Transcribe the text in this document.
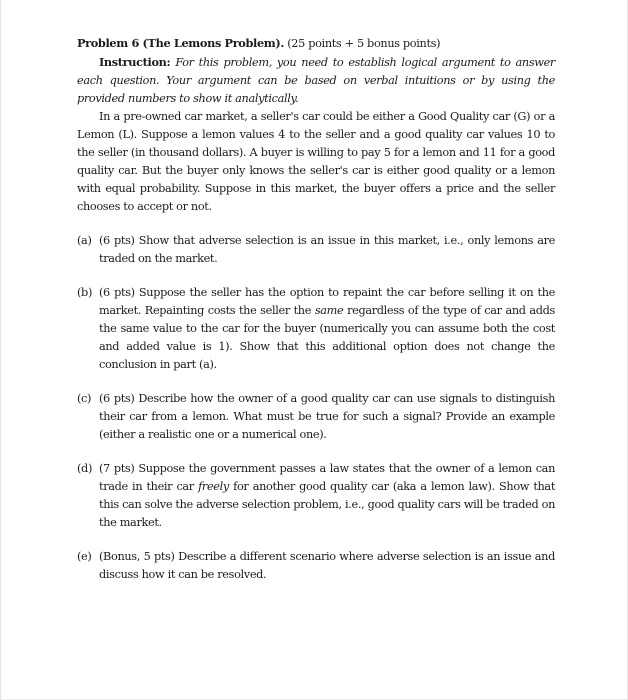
Problem 6 (The Lemons Problem). (25 points + 5 bonus points)

Instruction: For this problem, you need to establish logical argument to answer each question. Your argument can be based on verbal intuitions or by using the provided numbers to show it analytically.

In a pre-owned car market, a seller's car could be either a Good Quality car (G) or a Lemon (L). Suppose a lemon values 4 to the seller and a good quality car values 10 to the seller (in thousand dollars). A buyer is willing to pay 5 for a lemon and 11 for a good quality car. But the buyer only knows the seller's car is either good quality or a lemon with equal probability. Suppose in this market, the buyer offers a price and the seller chooses to accept or not.

(a) (6 pts) Show that adverse selection is an issue in this market, i.e., only lemons are traded on the market.
(b) (6 pts) Suppose the seller has the option to repaint the car before selling it on the market. Repainting costs the seller the same regardless of the type of car and adds the same value to the car for the buyer (numerically you can assume both the cost and added value is 1). Show that this additional option does not change the conclusion in part (a).
(c) (6 pts) Describe how the owner of a good quality car can use signals to distinguish their car from a lemon. What must be true for such a signal? Provide an example (either a realistic one or a numerical one).
(d) (7 pts) Suppose the government passes a law states that the owner of a lemon can trade in their car freely for another good quality car (aka a lemon law). Show that this can solve the adverse selection problem, i.e., good quality cars will be traded on the market.
(e) (Bonus, 5 pts) Describe a different scenario where adverse selection is an issue and discuss how it can be resolved.
